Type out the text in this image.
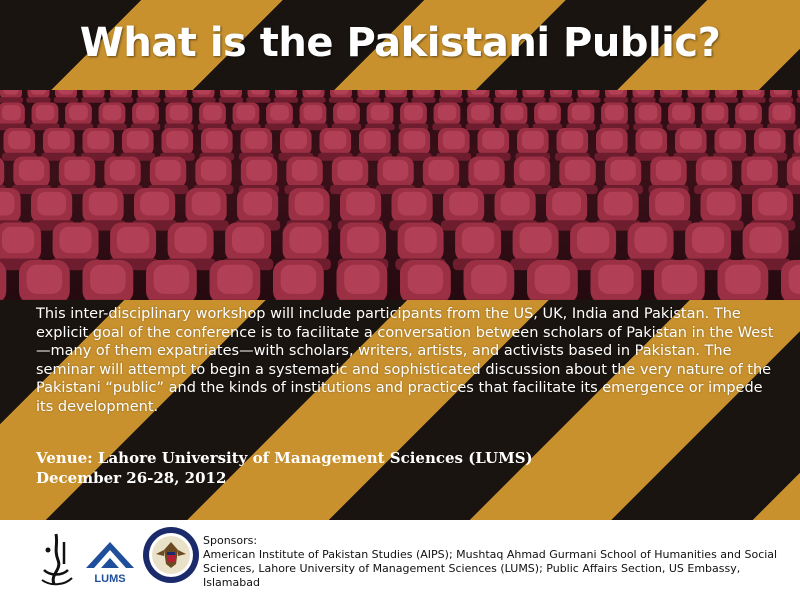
What is the Pakistani Public?
This inter-disciplinary workshop will include participants from the US, UK, India and Pakistan. The explicit goal of the conference is to facilitate a conversation between scholars of Pakistan in the West—many of them expatriates—with scholars, writers, artists, and activists based in Pakistan. The seminar will attempt to begin a systematic and sophisticated discussion about the very nature of the Pakistani “public” and the kinds of institutions and practices that facilitate its emergence or impede its development.
Venue: Lahore University of Management Sciences (LUMS)
December 26-28, 2012
LUMS
Sponsors:
American Institute of Pakistan Studies (AIPS); Mushtaq Ahmad Gurmani School of Humanities and Social Sciences, Lahore University of Management Sciences (LUMS); Public Affairs Section, US Embassy, Islamabad
